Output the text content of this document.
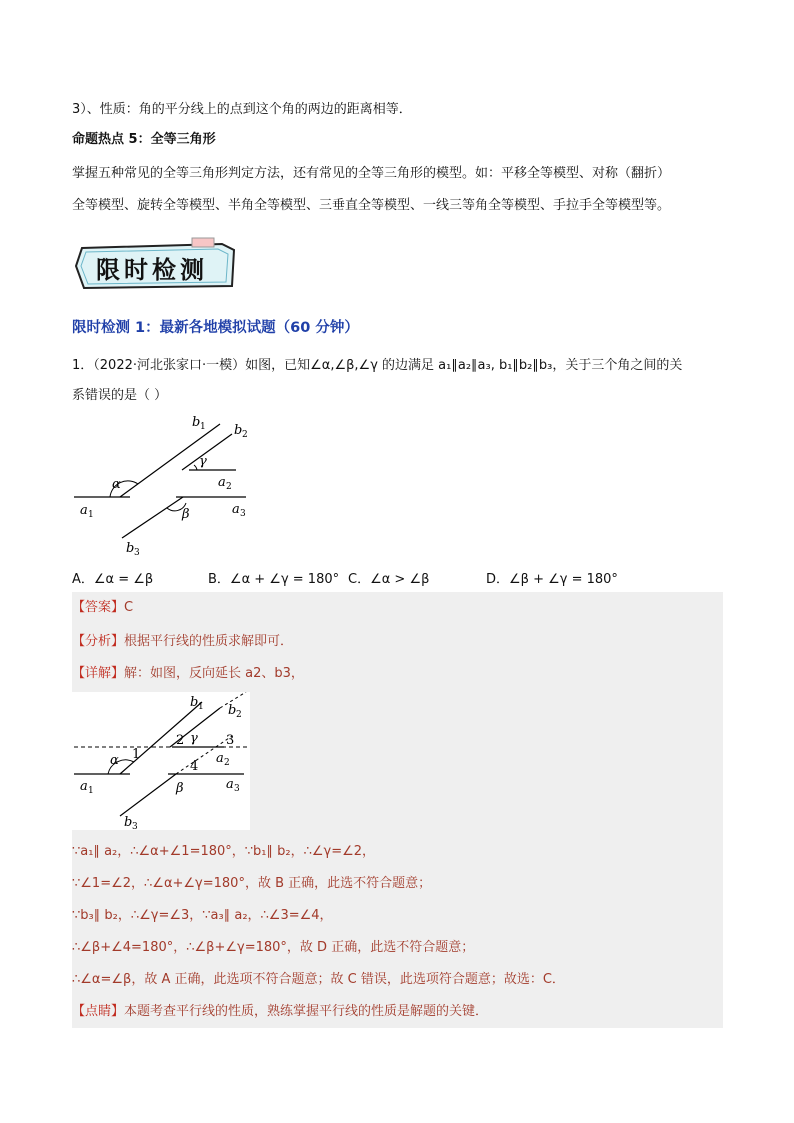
3）、性质：角的平分线上的点到这个角的两边的距离相等．
命题热点 5：全等三角形
掌握五种常见的全等三角形判定方法，还有常见的全等三角形的模型。如：平移全等模型、对称（翻折）
全等模型、旋转全等模型、半角全等模型、三垂直全等模型、一线三等角全等模型、手拉手全等模型等。
限时检测
限时检测 1：最新各地模拟试题（60 分钟）
1．（2022·河北张家口·一模）如图，已知∠α,∠β,∠γ 的边满足 a₁∥a₂∥a₃, b₁∥b₂∥b₃，关于三个角之间的关
系错误的是（ ）
b 1 b 2
γ
a 2
α
a 1	β	a 3
b 3
A．∠α = ∠β	B．∠α + ∠γ = 180° C．∠α > ∠β	D．∠β + ∠γ = 180°
【答案】C
【分析】根据平行线的性质求解即可．
【详解】解：如图，反向延长 a2、b3，
1
2	3
4
b 1 b 2
γ
a 2
α
a 1	β	a 3
b 3
∵a₁∥ a₂，∴∠α+∠1=180°，∵b₁∥ b₂，∴∠γ=∠2，
∵∠1=∠2，∴∠α+∠γ=180°，故 B 正确，此选不符合题意；
∵b₃∥ b₂，∴∠γ=∠3，∵a₃∥ a₂，∴∠3=∠4，
∴∠β+∠4=180°，∴∠β+∠γ=180°，故 D 正确，此选不符合题意；
∴∠α=∠β，故 A 正确，此选项不符合题意；故 C 错误，此选项符合题意；故选：C．
【点睛】本题考查平行线的性质，熟练掌握平行线的性质是解题的关键．
